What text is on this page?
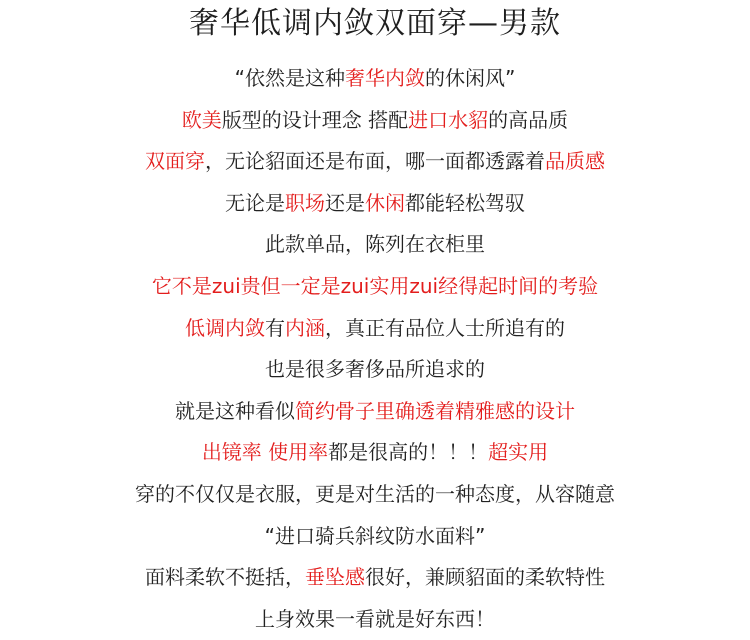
奢华低调内敛双面穿—男款
“依然是这种奢华内敛的休闲风”
欧美版型的设计理念 搭配进口水貂的高品质
双面穿，无论貂面还是布面，哪一面都透露着品质感
无论是职场还是休闲都能轻松驾驭
此款单品，陈列在衣柜里
它不是zui贵但一定是zui实用zui经得起时间的考验
低调内敛有内涵，真正有品位人士所追有的
也是很多奢侈品所追求的
就是这种看似简约骨子里确透着精雅感的设计
出镜率 使用率都是很高的！！！超实用
穿的不仅仅是衣服，更是对生活的一种态度，从容随意
“进口骑兵斜纹防水面料”
面料柔软不挺括，垂坠感很好，兼顾貂面的柔软特性
上身效果一看就是好东西！
